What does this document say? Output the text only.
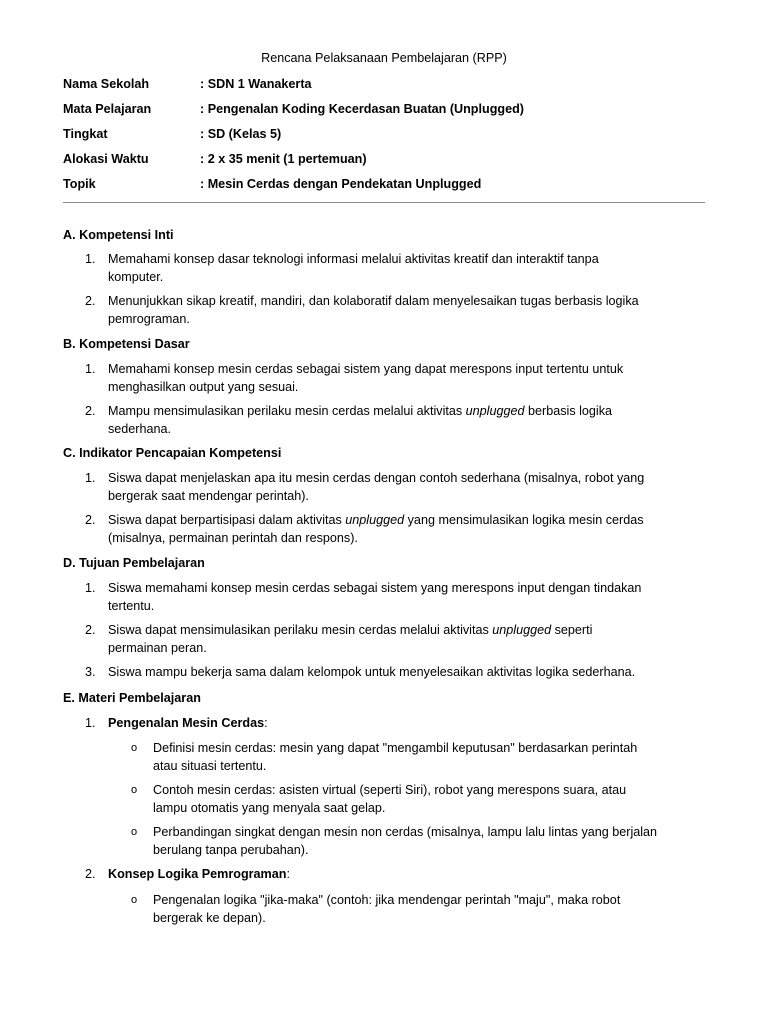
Rencana Pelaksanaan Pembelajaran (RPP)
Nama Sekolah	: SDN 1 Wanakerta
Mata Pelajaran	: Pengenalan Koding Kecerdasan Buatan (Unplugged)
Tingkat	: SD (Kelas 5)
Alokasi Waktu	: 2 x 35 menit (1 pertemuan)
Topik	: Mesin Cerdas dengan Pendekatan Unplugged
A. Kompetensi Inti
1. Memahami konsep dasar teknologi informasi melalui aktivitas kreatif dan interaktif tanpa
komputer.
2. Menunjukkan sikap kreatif, mandiri, dan kolaboratif dalam menyelesaikan tugas berbasis logika
pemrograman.
B. Kompetensi Dasar
1. Memahami konsep mesin cerdas sebagai sistem yang dapat merespons input tertentu untuk
menghasilkan output yang sesuai.
2. Mampu mensimulasikan perilaku mesin cerdas melalui aktivitas unplugged berbasis logika
sederhana.
C. Indikator Pencapaian Kompetensi
1. Siswa dapat menjelaskan apa itu mesin cerdas dengan contoh sederhana (misalnya, robot yang
bergerak saat mendengar perintah).
2. Siswa dapat berpartisipasi dalam aktivitas unplugged yang mensimulasikan logika mesin cerdas
(misalnya, permainan perintah dan respons).
D. Tujuan Pembelajaran
1. Siswa memahami konsep mesin cerdas sebagai sistem yang merespons input dengan tindakan
tertentu.
2. Siswa dapat mensimulasikan perilaku mesin cerdas melalui aktivitas unplugged seperti
permainan peran.
3. Siswa mampu bekerja sama dalam kelompok untuk menyelesaikan aktivitas logika sederhana.
E. Materi Pembelajaran
1. Pengenalan Mesin Cerdas:
o Definisi mesin cerdas: mesin yang dapat "mengambil keputusan" berdasarkan perintah
atau situasi tertentu.
o Contoh mesin cerdas: asisten virtual (seperti Siri), robot yang merespons suara, atau
lampu otomatis yang menyala saat gelap.
o Perbandingan singkat dengan mesin non cerdas (misalnya, lampu lalu lintas yang berjalan
berulang tanpa perubahan).
2. Konsep Logika Pemrograman:
o Pengenalan logika "jika-maka" (contoh: jika mendengar perintah "maju", maka robot
bergerak ke depan).
